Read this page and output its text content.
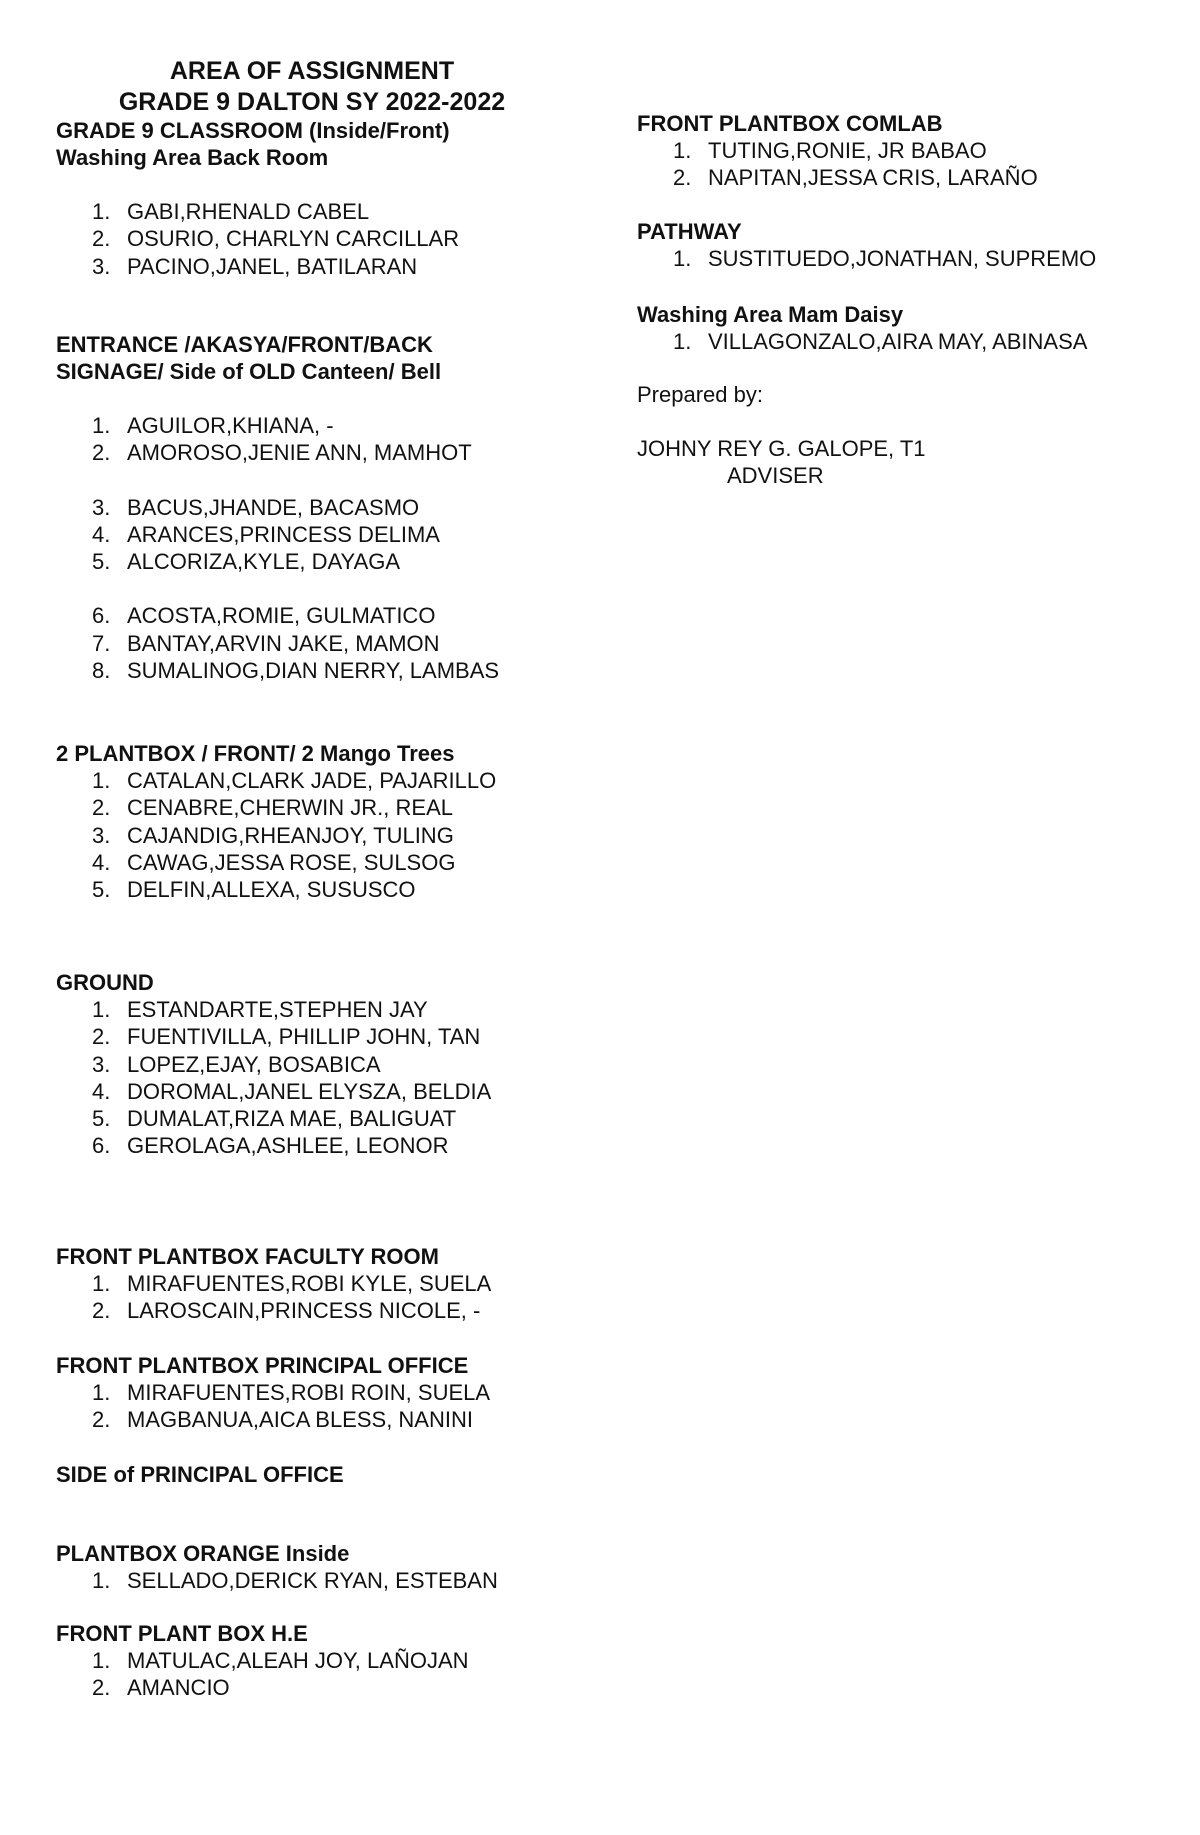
AREA OF ASSIGNMENT
GRADE 9 DALTON SY 2022-2022
GRADE 9 CLASSROOM (Inside/Front)
Washing Area Back Room
1. GABI,RHENALD CABEL
2. OSURIO, CHARLYN CARCILLAR
3. PACINO,JANEL, BATILARAN
ENTRANCE /AKASYA/FRONT/BACK
SIGNAGE/ Side of OLD Canteen/ Bell
1. AGUILOR,KHIANA, -
2. AMOROSO,JENIE ANN, MAMHOT
3. BACUS,JHANDE, BACASMO
4. ARANCES,PRINCESS DELIMA
5. ALCORIZA,KYLE, DAYAGA
6. ACOSTA,ROMIE, GULMATICO
7. BANTAY,ARVIN JAKE, MAMON
8. SUMALINOG,DIAN NERRY, LAMBAS
2 PLANTBOX / FRONT/ 2 Mango Trees
1. CATALAN,CLARK JADE, PAJARILLO
2. CENABRE,CHERWIN JR., REAL
3. CAJANDIG,RHEANJOY, TULING
4. CAWAG,JESSA ROSE, SULSOG
5. DELFIN,ALLEXA, SUSUSCO
GROUND
1. ESTANDARTE,STEPHEN JAY
2. FUENTIVILLA, PHILLIP JOHN, TAN
3. LOPEZ,EJAY, BOSABICA
4. DOROMAL,JANEL ELYSZA, BELDIA
5. DUMALAT,RIZA MAE, BALIGUAT
6. GEROLAGA,ASHLEE, LEONOR
FRONT PLANTBOX FACULTY ROOM
1. MIRAFUENTES,ROBI KYLE, SUELA
2. LAROSCAIN,PRINCESS NICOLE, -
FRONT PLANTBOX PRINCIPAL OFFICE
1. MIRAFUENTES,ROBI ROIN, SUELA
2. MAGBANUA,AICA BLESS, NANINI
SIDE of PRINCIPAL OFFICE
PLANTBOX ORANGE Inside
1. SELLADO,DERICK RYAN, ESTEBAN
FRONT PLANT BOX H.E
1. MATULAC,ALEAH JOY, LAÑOJAN
2. AMANCIO
FRONT PLANTBOX COMLAB
1. TUTING,RONIE, JR BABAO
2. NAPITAN,JESSA CRIS, LARAÑO
PATHWAY
1. SUSTITUEDO,JONATHAN, SUPREMO
Washing Area Mam Daisy
1. VILLAGONZALO,AIRA MAY, ABINASA
Prepared by:
JOHNY REY G. GALOPE, T1
ADVISER
